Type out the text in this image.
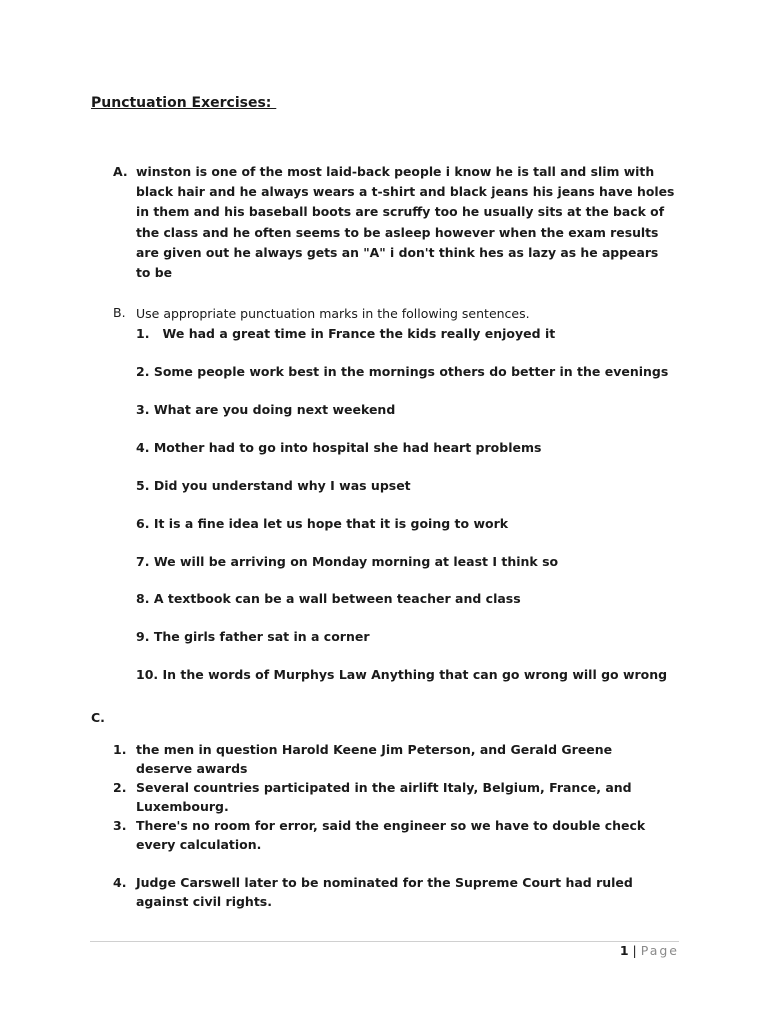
Punctuation Exercises:
A. winston is one of the most laid-back people i know he is tall and slim with black hair and he always wears a t-shirt and black jeans his jeans have holes in them and his baseball boots are scruffy too he usually sits at the back of the class and he often seems to be asleep however when the exam results are given out he always gets an "A" i don't think hes as lazy as he appears to be
B. Use appropriate punctuation marks in the following sentences.
1. We had a great time in France the kids really enjoyed it
2. Some people work best in the mornings others do better in the evenings
3. What are you doing next weekend
4. Mother had to go into hospital she had heart problems
5. Did you understand why I was upset
6. It is a fine idea let us hope that it is going to work
7. We will be arriving on Monday morning at least I think so
8. A textbook can be a wall between teacher and class
9. The girls father sat in a corner
10. In the words of Murphys Law Anything that can go wrong will go wrong
C.
1. the men in question Harold Keene Jim Peterson, and Gerald Greene deserve awards
2. Several countries participated in the airlift Italy, Belgium, France, and Luxembourg.
3. There's no room for error, said the engineer so we have to double check every calculation.
4. Judge Carswell later to be nominated for the Supreme Court had ruled against civil rights.
1 | Page
